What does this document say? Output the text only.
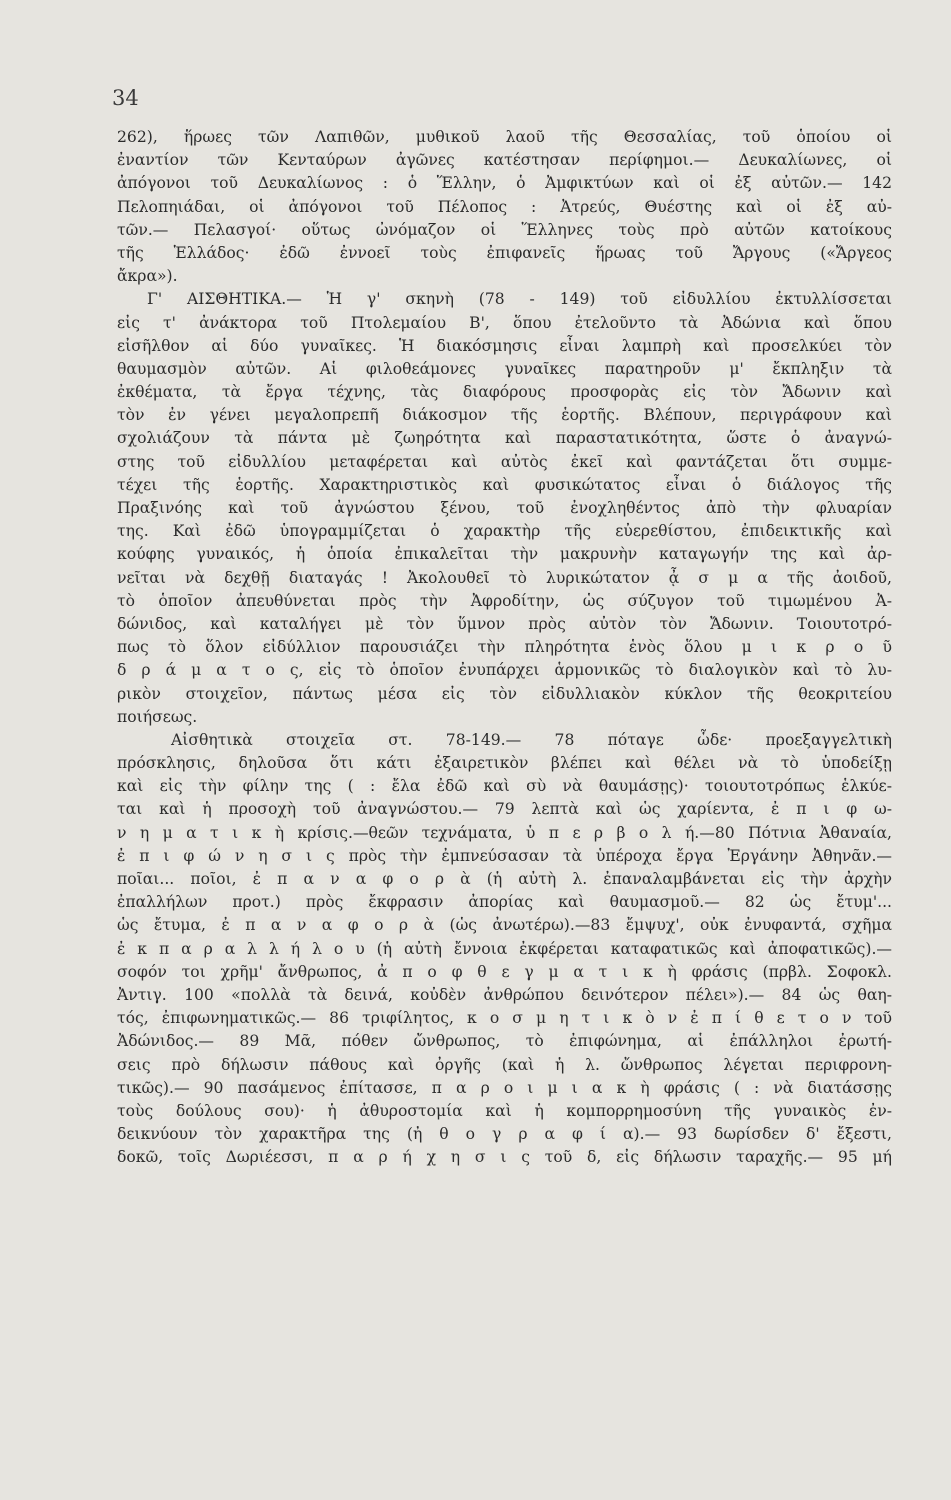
34
262), ἥρωες τῶν Λαπιθῶν, μυθικοῦ λαοῦ τῆς Θεσσαλίας, τοῦ ὁποίου οἱ
ἐναντίον τῶν Κενταύρων ἀγῶνες κατέστησαν περίφημοι.— Δευκαλίωνες, οἱ
ἀπόγονοι τοῦ Δευκαλίωνος : ὁ Ἕλλην, ὁ Ἀμφικτύων καὶ οἱ ἐξ αὐτῶν.— 142
Πελοπηιάδαι, οἱ ἀπόγονοι τοῦ Πέλοπος : Ἀτρεύς, Θυέστης καὶ οἱ ἐξ αὐ-
τῶν.— Πελασγοί· οὕτως ὠνόμαζον οἱ Ἕλληνες τοὺς πρὸ αὐτῶν κατοίκους
τῆς Ἑλλάδος· ἐδῶ ἐννοεῖ τοὺς ἐπιφανεῖς ἥρωας τοῦ Ἄργους («Ἄργεος
ἄκρα»).
Γ' ΑΙΣΘΗΤΙΚΑ.— Ἡ γ' σκηνὴ (78 - 149) τοῦ εἰδυλλίου ἐκτυλλίσσεται
εἰς τ' ἀνάκτορα τοῦ Πτολεμαίου Β', ὅπου ἐτελοῦντο τὰ Ἀδώνια καὶ ὅπου
εἰσῆλθον αἱ δύο γυναῖκες. Ἡ διακόσμησις εἶναι λαμπρὴ καὶ προσελκύει τὸν
θαυμασμὸν αὐτῶν. Αἱ φιλοθεάμονες γυναῖκες παρατηροῦν μ' ἔκπληξιν τὰ
ἐκθέματα, τὰ ἔργα τέχνης, τὰς διαφόρους προσφορὰς εἰς τὸν Ἄδωνιν καὶ
τὸν ἐν γένει μεγαλοπρεπῆ διάκοσμον τῆς ἑορτῆς. Βλέπουν, περιγράφουν καὶ
σχολιάζουν τὰ πάντα μὲ ζωηρότητα καὶ παραστατικότητα, ὥστε ὁ ἀναγνώ-
στης τοῦ εἰδυλλίου μεταφέρεται καὶ αὐτὸς ἐκεῖ καὶ φαντάζεται ὅτι συμμε-
τέχει τῆς ἑορτῆς. Χαρακτηριστικὸς καὶ φυσικώτατος εἶναι ὁ διάλογος τῆς
Πραξινόης καὶ τοῦ ἀγνώστου ξένου, τοῦ ἐνοχληθέντος ἀπὸ τὴν φλυαρίαν
της. Καὶ ἐδῶ ὑπογραμμίζεται ὁ χαρακτὴρ τῆς εὐερεθίστου, ἐπιδεικτικῆς καὶ
κούφης γυναικός, ἡ ὁποία ἐπικαλεῖται τὴν μακρυνὴν καταγωγήν της καὶ ἀρ-
νεῖται νὰ δεχθῇ διαταγάς ! Ἀκολουθεῖ τὸ λυρικώτατον ᾆ σ μ α τῆς ἀοιδοῦ,
τὸ ὁποῖον ἀπευθύνεται πρὸς τὴν Ἀφροδίτην, ὡς σύζυγον τοῦ τιμωμένου Ἀ-
δώνιδος, καὶ καταλήγει μὲ τὸν ὕμνον πρὸς αὐτὸν τὸν Ἄδωνιν. Τοιουτοτρό-
πως τὸ ὅλον εἰδύλλιον παρουσιάζει τὴν πληρότητα ἑνὸς ὅλου μ ι κ ρ ο ῦ
δ ρ ά μ α τ ο ς, εἰς τὸ ὁποῖον ἐνυπάρχει ἁρμονικῶς τὸ διαλογικὸν καὶ τὸ λυ-
ρικὸν στοιχεῖον, πάντως μέσα εἰς τὸν εἰδυλλιακὸν κύκλον τῆς θεοκριτείου
ποιήσεως.
Αἰσθητικὰ στοιχεῖα στ. 78-149.— 78 πόταγε ὧδε· προεξαγγελτικὴ
πρόσκλησις, δηλοῦσα ὅτι κάτι ἐξαιρετικὸν βλέπει καὶ θέλει νὰ τὸ ὑποδείξῃ
καὶ εἰς τὴν φίλην της ( : ἔλα ἐδῶ καὶ σὺ νὰ θαυμάσῃς)· τοιουτοτρόπως ἑλκύε-
ται καὶ ἡ προσοχὴ τοῦ ἀναγνώστου.— 79 λεπτὰ καὶ ὡς χαρίεντα, ἐ π ι φ ω-
ν η μ α τ ι κ ὴ κρίσις.—θεῶν τεχνάματα, ὑ π ε ρ β ο λ ή.—80 Πότνια Ἀθαναία,
ἐ π ι φ ώ ν η σ ι ς πρὸς τὴν ἐμπνεύσασαν τὰ ὑπέροχα ἔργα Ἐργάνην Ἀθηνᾶν.—
ποῖαι... ποῖοι, ἐ π α ν α φ ο ρ ὰ (ἡ αὐτὴ λ. ἐπαναλαμβάνεται εἰς τὴν ἀρχὴν
ἐπαλλήλων προτ.) πρὸς ἔκφρασιν ἀπορίας καὶ θαυμασμοῦ.— 82 ὡς ἔτυμ'...
ὡς ἔτυμα, ἐ π α ν α φ ο ρ ὰ (ὡς ἀνωτέρω).—83 ἔμψυχ', οὐκ ἐνυφαντά, σχῆμα
ἐ κ π α ρ α λ λ ή λ ο υ (ἡ αὐτὴ ἔννοια ἐκφέρεται καταφατικῶς καὶ ἀποφατικῶς).—
σοφόν τοι χρῆμ' ἄνθρωπος, ἀ π ο φ θ ε γ μ α τ ι κ ὴ φράσις (πρβλ. Σοφοκλ.
Ἀντιγ. 100 «πολλὰ τὰ δεινά, κοὐδὲν ἀνθρώπου δεινότερον πέλει»).— 84 ὡς θαη-
τός, ἐπιφωνηματικῶς.— 86 τριφίλητος, κ ο σ μ η τ ι κ ὸ ν ἐ π ί θ ε τ ο ν τοῦ
Ἀδώνιδος.— 89 Μᾶ, πόθεν ὤνθρωπος, τὸ ἐπιφώνημα, αἱ ἐπάλληλοι ἐρωτή-
σεις πρὸ δήλωσιν πάθους καὶ ὀργῆς (καὶ ἡ λ. ὤνθρωπος λέγεται περιφρονη-
τικῶς).— 90 πασάμενος ἐπίτασσε, π α ρ ο ι μ ι α κ ὴ φράσις ( : νὰ διατάσσῃς
τοὺς δούλους σου)· ἡ ἀθυροστομία καὶ ἡ κομπορρημοσύνη τῆς γυναικὸς ἐν-
δεικνύουν τὸν χαρακτῆρα της (ἠ θ ο γ ρ α φ ί α).— 93 δωρίσδεν δ' ἔξεστι,
δοκῶ, τοῖς Δωριέεσσι, π α ρ ή χ η σ ι ς τοῦ δ, εἰς δήλωσιν ταραχῆς.— 95 μή
